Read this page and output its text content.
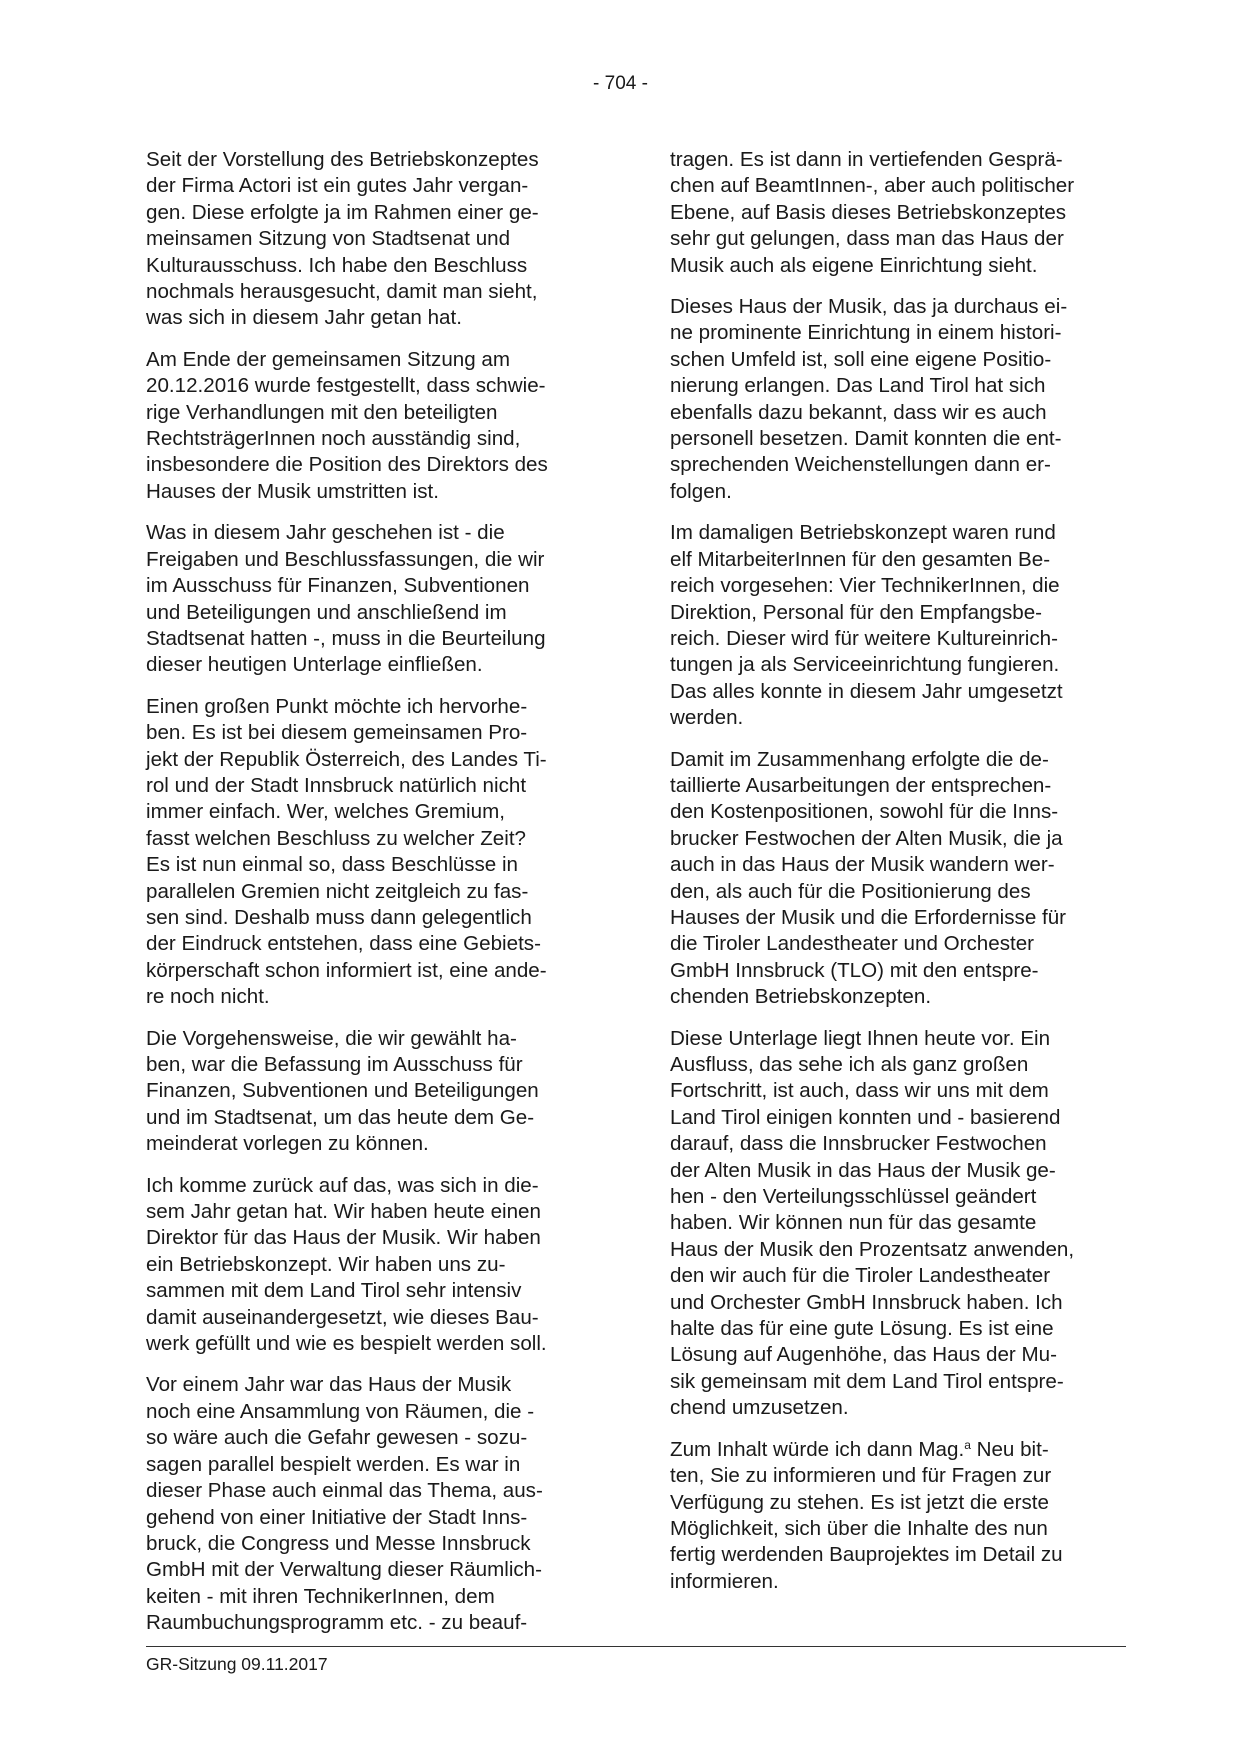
- 704 -

Seit der Vorstellung des Betriebskonzeptes
der Firma Actori ist ein gutes Jahr vergan-
gen. Diese erfolgte ja im Rahmen einer ge-
meinsamen Sitzung von Stadtsenat und
Kulturausschuss. Ich habe den Beschluss
nochmals herausgesucht, damit man sieht,
was sich in diesem Jahr getan hat.

Am Ende der gemeinsamen Sitzung am
20.12.2016 wurde festgestellt, dass schwie-
rige Verhandlungen mit den beteiligten
RechtsträgerInnen noch ausständig sind,
insbesondere die Position des Direktors des
Hauses der Musik umstritten ist.

Was in diesem Jahr geschehen ist - die
Freigaben und Beschlussfassungen, die wir
im Ausschuss für Finanzen, Subventionen
und Beteiligungen und anschließend im
Stadtsenat hatten -, muss in die Beurteilung
dieser heutigen Unterlage einfließen.

Einen großen Punkt möchte ich hervorhe-
ben. Es ist bei diesem gemeinsamen Pro-
jekt der Republik Österreich, des Landes Ti-
rol und der Stadt Innsbruck natürlich nicht
immer einfach. Wer, welches Gremium,
fasst welchen Beschluss zu welcher Zeit?
Es ist nun einmal so, dass Beschlüsse in
parallelen Gremien nicht zeitgleich zu fas-
sen sind. Deshalb muss dann gelegentlich
der Eindruck entstehen, dass eine Gebiets-
körperschaft schon informiert ist, eine ande-
re noch nicht.

Die Vorgehensweise, die wir gewählt ha-
ben, war die Befassung im Ausschuss für
Finanzen, Subventionen und Beteiligungen
und im Stadtsenat, um das heute dem Ge-
meinderat vorlegen zu können.

Ich komme zurück auf das, was sich in die-
sem Jahr getan hat. Wir haben heute einen
Direktor für das Haus der Musik. Wir haben
ein Betriebskonzept. Wir haben uns zu-
sammen mit dem Land Tirol sehr intensiv
damit auseinandergesetzt, wie dieses Bau-
werk gefüllt und wie es bespielt werden soll.

Vor einem Jahr war das Haus der Musik
noch eine Ansammlung von Räumen, die -
so wäre auch die Gefahr gewesen - sozu-
sagen parallel bespielt werden. Es war in
dieser Phase auch einmal das Thema, aus-
gehend von einer Initiative der Stadt Inns-
bruck, die Congress und Messe Innsbruck
GmbH mit der Verwaltung dieser Räumlich-
keiten - mit ihren TechnikerInnen, dem
Raumbuchungsprogramm etc. - zu beauf-

tragen. Es ist dann in vertiefenden Gesprä-
chen auf BeamtInnen-, aber auch politischer
Ebene, auf Basis dieses Betriebskonzeptes
sehr gut gelungen, dass man das Haus der
Musik auch als eigene Einrichtung sieht.

Dieses Haus der Musik, das ja durchaus ei-
ne prominente Einrichtung in einem histori-
schen Umfeld ist, soll eine eigene Positio-
nierung erlangen. Das Land Tirol hat sich
ebenfalls dazu bekannt, dass wir es auch
personell besetzen. Damit konnten die ent-
sprechenden Weichenstellungen dann er-
folgen.

Im damaligen Betriebskonzept waren rund
elf MitarbeiterInnen für den gesamten Be-
reich vorgesehen: Vier TechnikerInnen, die
Direktion, Personal für den Empfangsbe-
reich. Dieser wird für weitere Kultureinrich-
tungen ja als Serviceeinrichtung fungieren.
Das alles konnte in diesem Jahr umgesetzt
werden.

Damit im Zusammenhang erfolgte die de-
taillierte Ausarbeitungen der entsprechen-
den Kostenpositionen, sowohl für die Inns-
brucker Festwochen der Alten Musik, die ja
auch in das Haus der Musik wandern wer-
den, als auch für die Positionierung des
Hauses der Musik und die Erfordernisse für
die Tiroler Landestheater und Orchester
GmbH Innsbruck (TLO) mit den entspre-
chenden Betriebskonzepten.

Diese Unterlage liegt Ihnen heute vor. Ein
Ausfluss, das sehe ich als ganz großen
Fortschritt, ist auch, dass wir uns mit dem
Land Tirol einigen konnten und - basierend
darauf, dass die Innsbrucker Festwochen
der Alten Musik in das Haus der Musik ge-
hen - den Verteilungsschlüssel geändert
haben. Wir können nun für das gesamte
Haus der Musik den Prozentsatz anwenden,
den wir auch für die Tiroler Landestheater
und Orchester GmbH Innsbruck haben. Ich
halte das für eine gute Lösung. Es ist eine
Lösung auf Augenhöhe, das Haus der Mu-
sik gemeinsam mit dem Land Tirol entspre-
chend umzusetzen.

Zum Inhalt würde ich dann Mag.$^a$ Neu bit-
ten, Sie zu informieren und für Fragen zur
Verfügung zu stehen. Es ist jetzt die erste
Möglichkeit, sich über die Inhalte des nun
fertig werdenden Bauprojektes im Detail zu
informieren.

GR-Sitzung 09.11.2017
